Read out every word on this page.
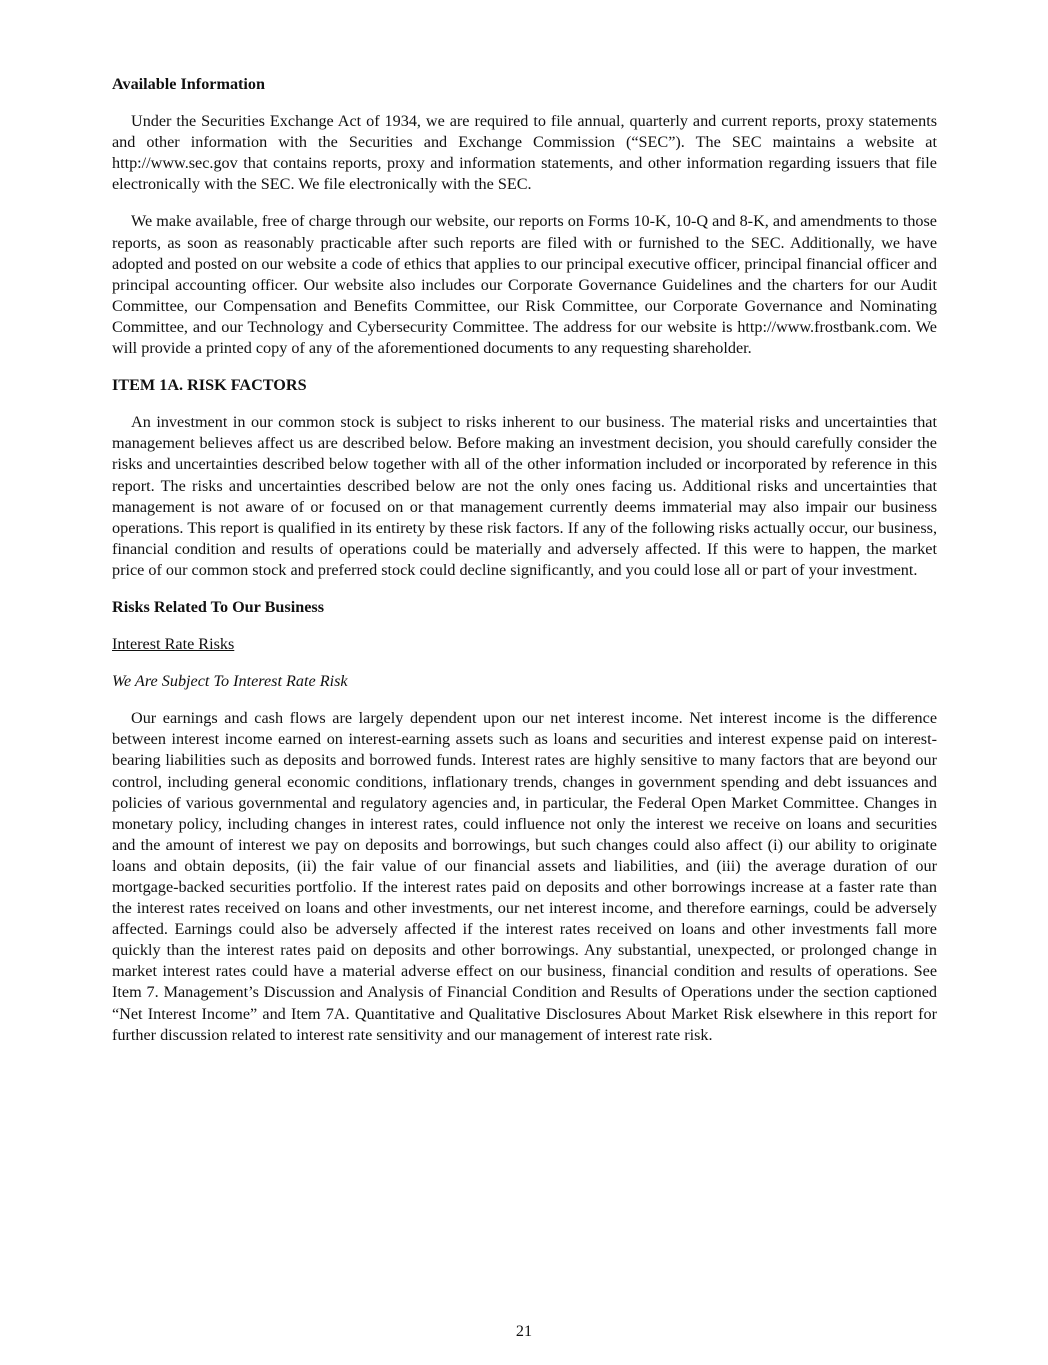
Available Information

Under the Securities Exchange Act of 1934, we are required to file annual, quarterly and current reports, proxy statements and other information with the Securities and Exchange Commission (“SEC”). The SEC maintains a website at http://www.sec.gov that contains reports, proxy and information statements, and other information regarding issuers that file electronically with the SEC. We file electronically with the SEC.

We make available, free of charge through our website, our reports on Forms 10-K, 10-Q and 8-K, and amendments to those reports, as soon as reasonably practicable after such reports are filed with or furnished to the SEC. Additionally, we have adopted and posted on our website a code of ethics that applies to our principal executive officer, principal financial officer and principal accounting officer. Our website also includes our Corporate Governance Guidelines and the charters for our Audit Committee, our Compensation and Benefits Committee, our Risk Committee, our Corporate Governance and Nominating Committee, and our Technology and Cybersecurity Committee. The address for our website is http://www.frostbank.com. We will provide a printed copy of any of the aforementioned documents to any requesting shareholder.

ITEM 1A. RISK FACTORS

An investment in our common stock is subject to risks inherent to our business. The material risks and uncertainties that management believes affect us are described below. Before making an investment decision, you should carefully consider the risks and uncertainties described below together with all of the other information included or incorporated by reference in this report. The risks and uncertainties described below are not the only ones facing us. Additional risks and uncertainties that management is not aware of or focused on or that management currently deems immaterial may also impair our business operations. This report is qualified in its entirety by these risk factors. If any of the following risks actually occur, our business, financial condition and results of operations could be materially and adversely affected. If this were to happen, the market price of our common stock and preferred stock could decline significantly, and you could lose all or part of your investment.

Risks Related To Our Business
Interest Rate Risks
We Are Subject To Interest Rate Risk

Our earnings and cash flows are largely dependent upon our net interest income. Net interest income is the difference between interest income earned on interest-earning assets such as loans and securities and interest expense paid on interest-bearing liabilities such as deposits and borrowed funds. Interest rates are highly sensitive to many factors that are beyond our control, including general economic conditions, inflationary trends, changes in government spending and debt issuances and policies of various governmental and regulatory agencies and, in particular, the Federal Open Market Committee. Changes in monetary policy, including changes in interest rates, could influence not only the interest we receive on loans and securities and the amount of interest we pay on deposits and borrowings, but such changes could also affect (i) our ability to originate loans and obtain deposits, (ii) the fair value of our financial assets and liabilities, and (iii) the average duration of our mortgage-backed securities portfolio. If the interest rates paid on deposits and other borrowings increase at a faster rate than the interest rates received on loans and other investments, our net interest income, and therefore earnings, could be adversely affected. Earnings could also be adversely affected if the interest rates received on loans and other investments fall more quickly than the interest rates paid on deposits and other borrowings. Any substantial, unexpected, or prolonged change in market interest rates could have a material adverse effect on our business, financial condition and results of operations. See Item 7. Management’s Discussion and Analysis of Financial Condition and Results of Operations under the section captioned “Net Interest Income” and Item 7A. Quantitative and Qualitative Disclosures About Market Risk elsewhere in this report for further discussion related to interest rate sensitivity and our management of interest rate risk.

21
